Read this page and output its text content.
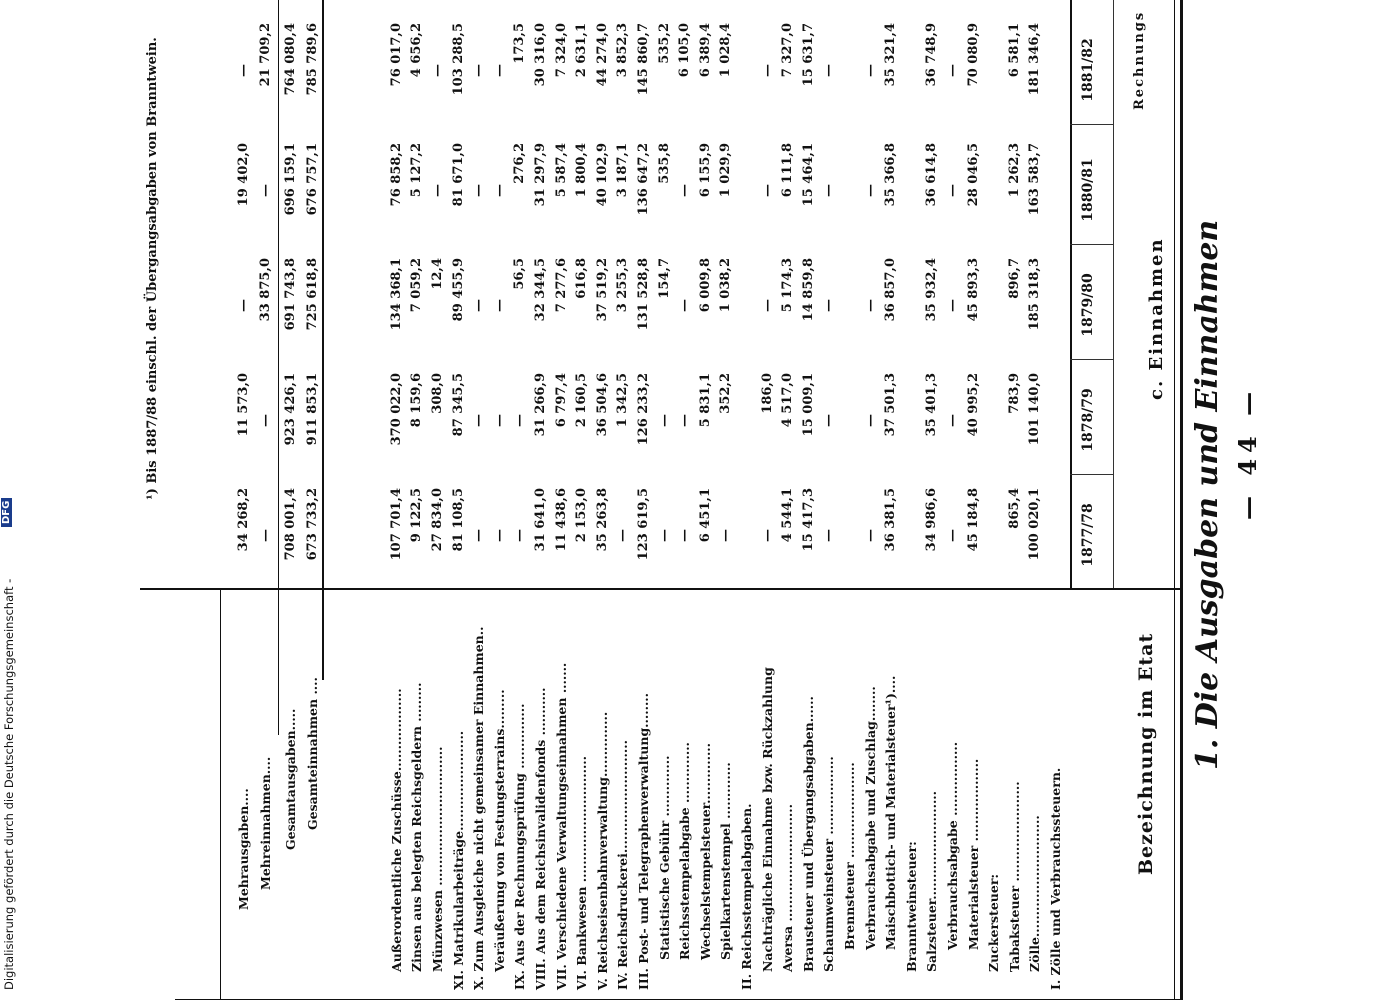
— 44 —
1. Die Ausgaben und Einnahmen
c. Einnahmen
Rechnungs
Bezeichnung im Etat
1877/78
1878/79
1879/80
1880/81
1881/82
I. Zölle und Verbrauchssteuern.
Zölle............................
100 020,1
101 140,0
185 318,3
163 583,7
181 346,4
Tabaksteuer .......................
865,4
783,9
896,7
1 262,3
6 581,1
Zuckersteuer:
Materialsteuer ...................
45 184,8
40 995,2
45 893,3
28 046,5
70 080,9
Verbrauchsabgabe .................
—
—
—
—
—
Salzsteuer.........................
34 986,6
35 401,3
35 932,4
36 614,8
36 748,9
Branntweinsteuer:
Maischbottich- und Materialsteuer¹)....
36 381,5
37 501,3
36 857,0
35 366,8
35 321,4
Verbrauchsabgabe und Zuschlag........
—
—
—
—
—
Brennsteuer ......................
Schaumweinsteuer ..................
—
—
—
—
—
Brausteuer und Übergangsabgaben......
15 417,3
15 009,1
14 859,8
15 464,1
15 631,7
Aversa ...........................
4 544,1
4 517,0
5 174,3
6 111,8
7 327,0
Nachträgliche Einnahme bzw. Rückzahlung
—
186,0
—
—
—
II. Reichsstempelabgaben.
Spielkartenstempel .............
—
352,2
1 038,2
1 029,9
1 028,4
Wechselstempelsteuer..............
6 451,1
5 831,1
6 009,8
6 155,9
6 389,4
Reichsstempelabgabe ..............
—
—
—
—
6 105,0
Statistische Gebühr ..............
—
—
154,7
535,8
535,2
III. Post- und Telegraphenverwaltung........
123 619,5
126 233,2
131 528,8
136 647,2
145 860,7
IV. Reichsdruckerei..........................
—
1 342,5
3 255,3
3 187,1
3 852,3
V. Reichseisenbahnverwaltung...............
35 263,8
36 504,6
37 519,2
40 102,9
44 274,0
VI. Bankwesen .............................
2 153,0
2 160,5
616,8
1 800,4
2 631,1
VII. Verschiedene Verwaltungseinnahmen .......
11 438,6
6 797,4
7 277,6
5 587,4
7 324,0
VIII. Aus dem Reichsinvalidenfonds ...........
31 641,0
31 266,9
32 344,5
31 297,9
30 316,0
IX. Aus der Rechnungsprüfung ...............
—
—
56,5
276,2
173,5
Veräußerung von Festungsterrains.........
—
—
—
—
—
X. Zum Ausgleiche nicht gemeinsamer Einnahmen..
—
—
—
—
—
XI. Matrikularbeiträge.......................
81 108,5
87 345,5
89 455,9
81 671,0
103 288,5
Münzwesen ................................
27 834,0
308,0
12,4
—
—
Zinsen aus belegten Reichsgeldern .........
9 122,5
8 159,6
7 059,2
5 127,2
4 656,2
Außerordentliche Zuschüsse...................
107 701,4
370 022,0
134 368,1
76 858,2
76 017,0
Gesamteinnahmen ....
673 733,2
911 853,1
725 618,8
676 757,1
785 789,6
Gesamtausgaben.....
708 001,4
923 426,1
691 743,8
696 159,1
764 080,4
Mehreinnahmen....
—
—
33 875,0
—
21 709,2
Mehrausgaben....
34 268,2
11 573,0
—
19 402,0
—
¹) Bis 1887/88 einschl. der Übergangsabgaben von Branntwein.
Digitalisierung gefördert durch die Deutsche Forschungsgemeinschaft -
DFG
